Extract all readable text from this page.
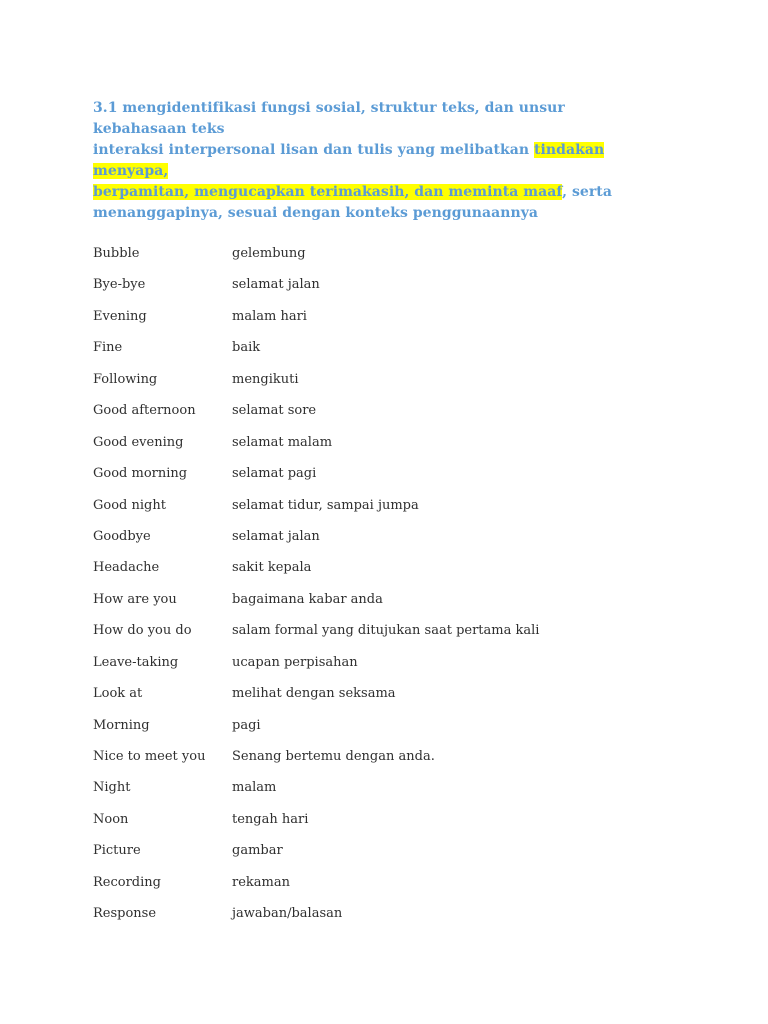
3.1 mengidentifikasi fungsi sosial, struktur teks, dan unsur kebahasaan teks
interaksi interpersonal lisan dan tulis yang melibatkan tindakan menyapa,
berpamitan, mengucapkan terimakasih, dan meminta maaf, serta
menanggapinya, sesuai dengan konteks penggunaannya
Bubble	gelembung
Bye-bye	selamat jalan
Evening	malam hari
Fine	baik
Following	mengikuti
Good afternoon	selamat sore
Good evening	selamat malam
Good morning	selamat pagi
Good night	selamat tidur, sampai jumpa
Goodbye	selamat jalan
Headache	sakit kepala
How are you	bagaimana kabar anda
How do you do	salam formal yang ditujukan saat pertama kali
Leave-taking	ucapan perpisahan
Look at	melihat dengan seksama
Morning	pagi
Nice to meet you	Senang bertemu dengan anda.
Night	malam
Noon	tengah hari
Picture	gambar
Recording	rekaman
Response	jawaban/balasan
